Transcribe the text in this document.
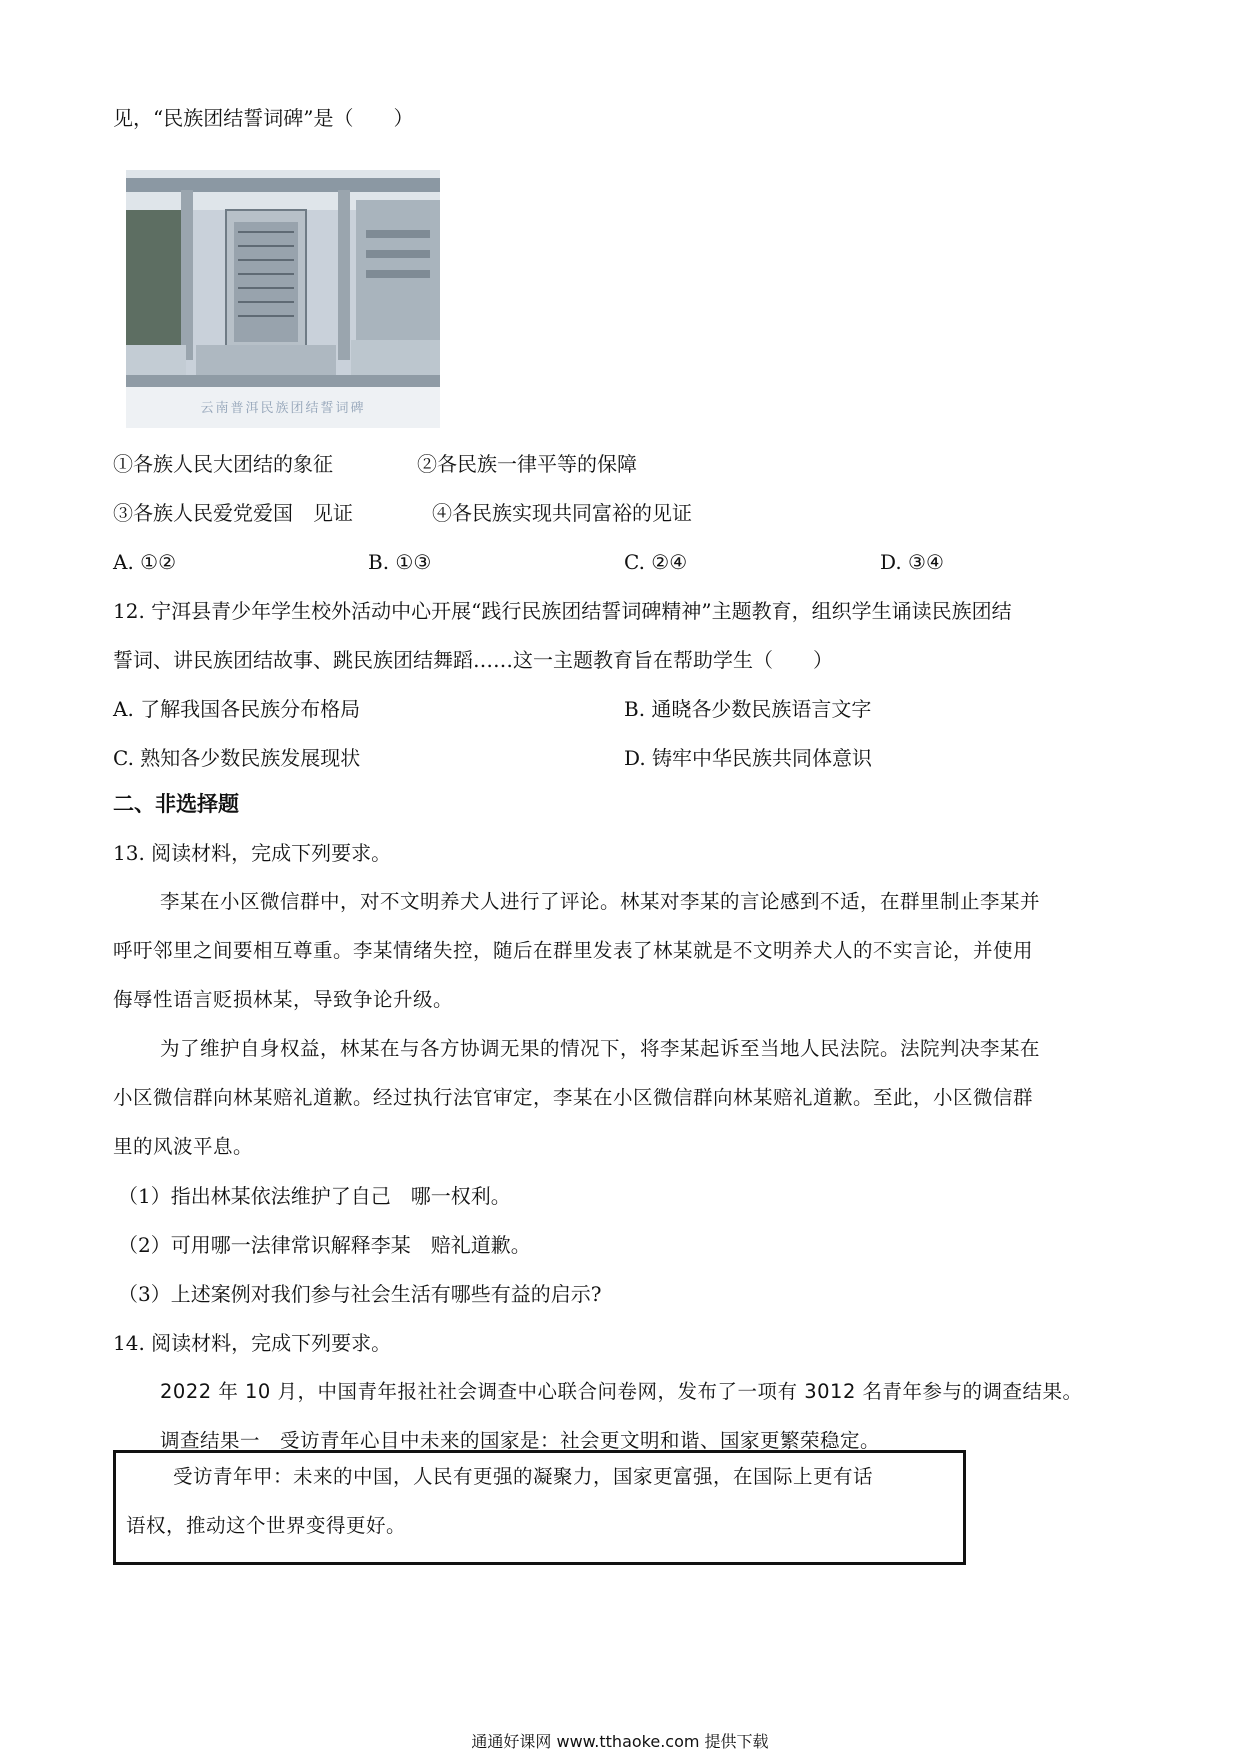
见，“民族团结誓词碑”是（　　）
云南普洱民族团结誓词碑
①各族人民大团结的象征	②各民族一律平等的保障
③各族人民爱党爱国　见证	④各民族实现共同富裕的见证
A. ①②	B. ①③	C. ②④	D. ③④
12. 宁洱县青少年学生校外活动中心开展“践行民族团结誓词碑精神”主题教育，组织学生诵读民族团结
誓词、讲民族团结故事、跳民族团结舞蹈……这一主题教育旨在帮助学生（　　）
A. 了解我国各民族分布格局	B. 通晓各少数民族语言文字
C. 熟知各少数民族发展现状	D. 铸牢中华民族共同体意识
二、非选择题
13. 阅读材料，完成下列要求。
李某在小区微信群中，对不文明养犬人进行了评论。林某对李某的言论感到不适，在群里制止李某并
呼吁邻里之间要相互尊重。李某情绪失控，随后在群里发表了林某就是不文明养犬人的不实言论，并使用
侮辱性语言贬损林某，导致争论升级。
为了维护自身权益，林某在与各方协调无果的情况下，将李某起诉至当地人民法院。法院判决李某在
小区微信群向林某赔礼道歉。经过执行法官审定，李某在小区微信群向林某赔礼道歉。至此，小区微信群
里的风波平息。
（1）指出林某依法维护了自己　哪一权利。
（2）可用哪一法律常识解释李某　赔礼道歉。
（3）上述案例对我们参与社会生活有哪些有益的启示?
14. 阅读材料，完成下列要求。
2022 年 10 月，中国青年报社社会调查中心联合问卷网，发布了一项有 3012 名青年参与的调查结果。
调查结果一　受访青年心目中未来的国家是：社会更文明和谐、国家更繁荣稳定。
受访青年甲：未来的中国，人民有更强的凝聚力，国家更富强，在国际上更有话
语权，推动这个世界变得更好。
通通好课网 www.tthaoke.com 提供下载
